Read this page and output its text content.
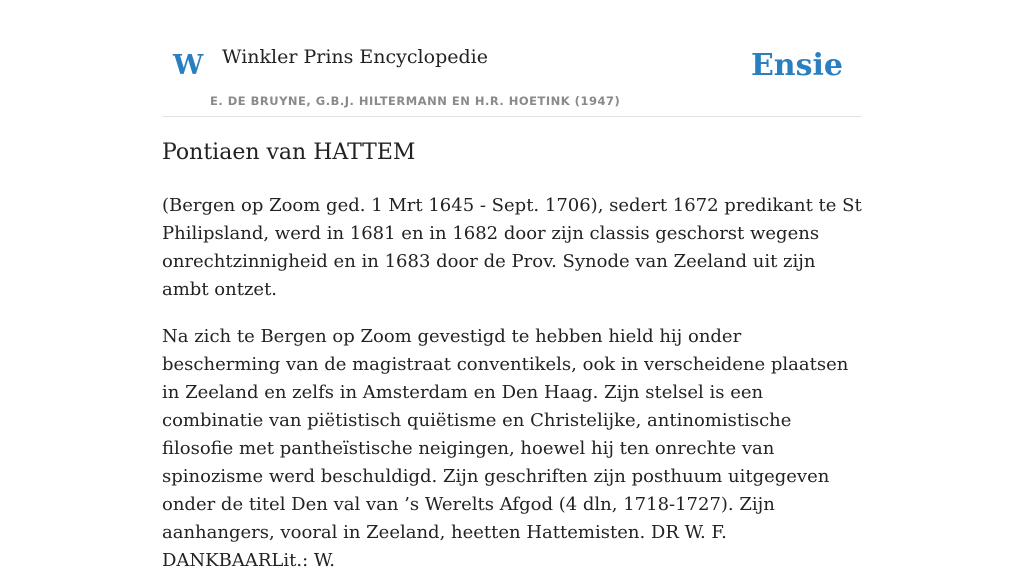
W Winkler Prins Encyclopedie
E. DE BRUYNE, G.B.J. HILTERMANN EN H.R. HOETINK (1947)
Ensie
Pontiaen van HATTEM

(Bergen op Zoom ged. 1 Mrt 1645 - Sept. 1706), sedert 1672 predikant te St Philipsland, werd in 1681 en in 1682 door zijn classis geschorst wegens onrechtzinnigheid en in 1683 door de Prov. Synode van Zeeland uit zijn ambt ontzet.

Na zich te Bergen op Zoom gevestigd te hebben hield hij onder bescherming van de magistraat conventikels, ook in verscheidene plaatsen in Zeeland en zelfs in Amsterdam en Den Haag. Zijn stelsel is een combinatie van piëtistisch quiëtisme en Christelijke, antinomistische filosofie met pantheïstische neigingen, hoewel hij ten onrechte van spinozisme werd beschuldigd. Zijn geschriften zijn posthuum uitgegeven onder de titel Den val van ’s Werelts Afgod (4 dln, 1718-1727). Zijn aanhangers, vooral in Zeeland, heetten Hattemisten. DR W. F. DANKBAARLit.: W.
